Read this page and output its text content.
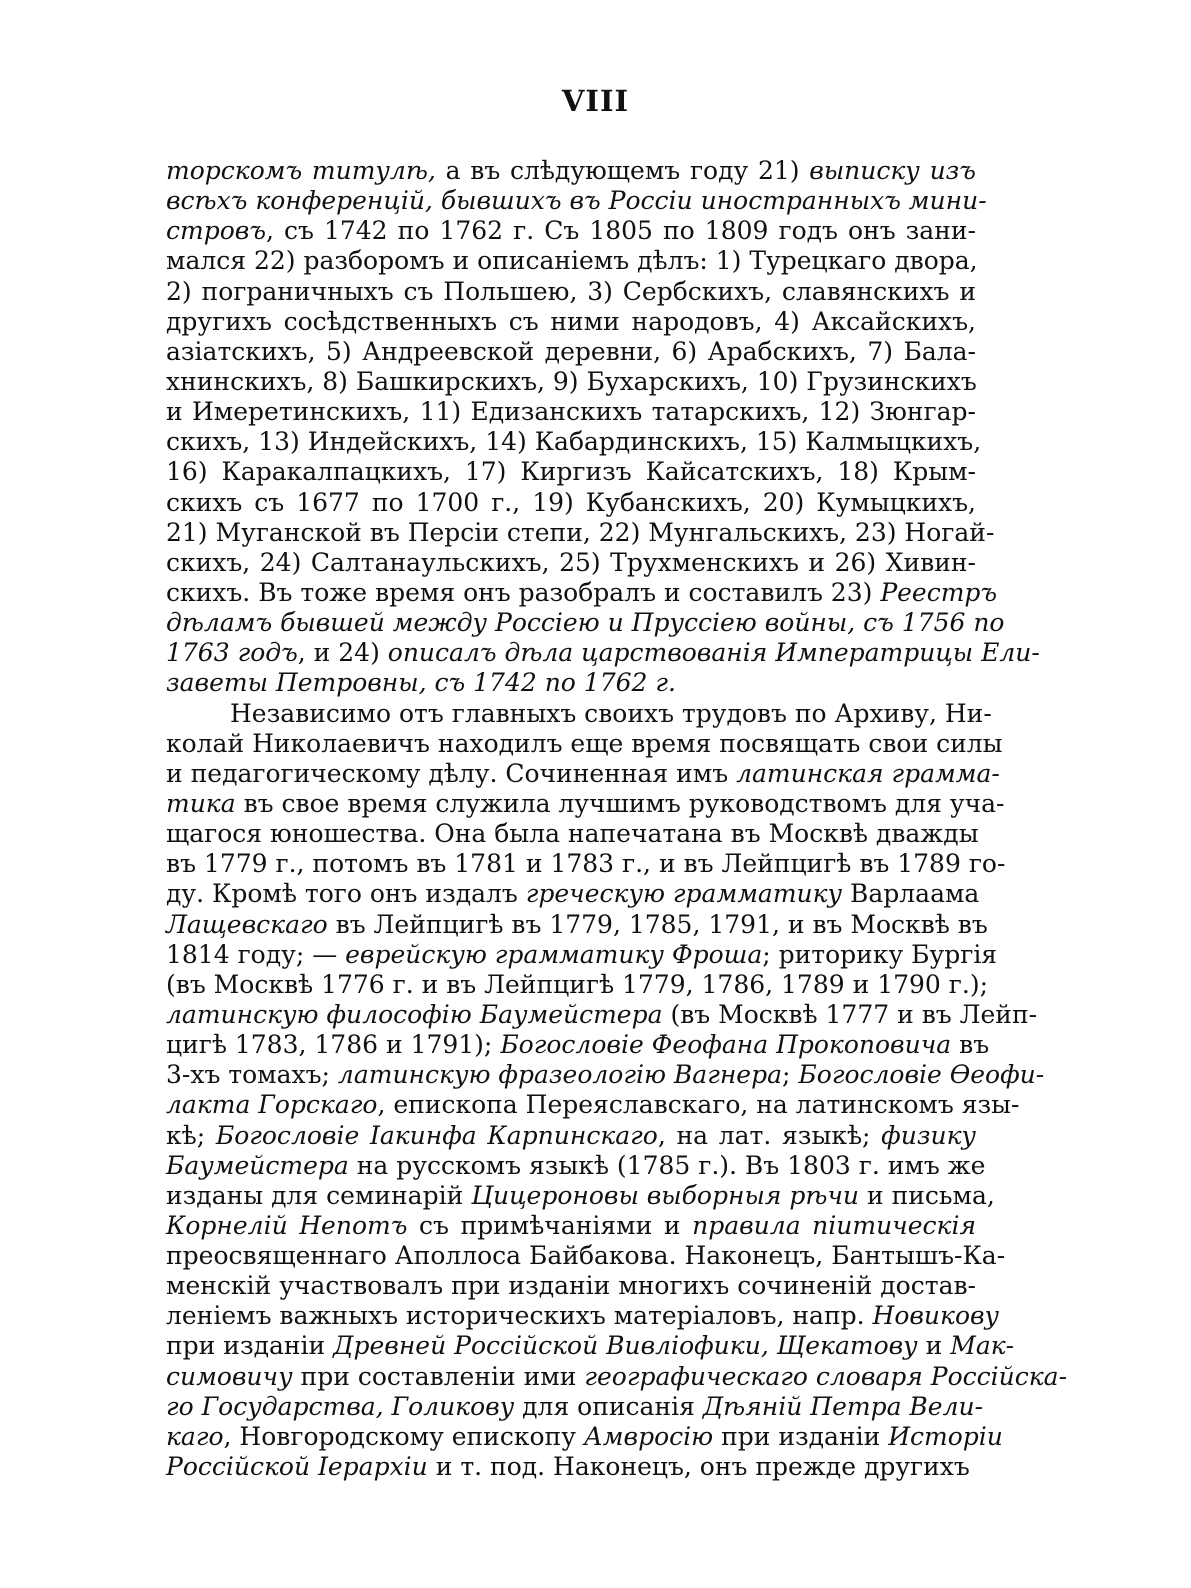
VIII
торскомъ титулѣ, а въ слѣдующемъ году 21) выписку изъ
всѣхъ конференцій, бывшихъ въ Россіи иностранныхъ мини-
стровъ, съ 1742 по 1762 г. Съ 1805 по 1809 годъ онъ зани-
мался 22) разборомъ и описаніемъ дѣлъ: 1) Турецкаго двора,
2) пограничныхъ съ Польшею, 3) Сербскихъ, славянскихъ и
другихъ сосѣдственныхъ съ ними народовъ, 4) Аксайскихъ,
азіатскихъ, 5) Андреевской деревни, 6) Арабскихъ, 7) Бала-
хнинскихъ, 8) Башкирскихъ, 9) Бухарскихъ, 10) Грузинскихъ
и Имеретинскихъ, 11) Едизанскихъ татарскихъ, 12) Зюнгар-
скихъ, 13) Индейскихъ, 14) Кабардинскихъ, 15) Калмыцкихъ,
16) Каракалпацкихъ, 17) Киргизъ Кайсатскихъ, 18) Крым-
скихъ съ 1677 по 1700 г., 19) Кубанскихъ, 20) Кумыцкихъ,
21) Муганской въ Персіи степи, 22) Мунгальскихъ, 23) Ногай-
скихъ, 24) Салтанаульскихъ, 25) Трухменскихъ и 26) Хивин-
скихъ. Въ тоже время онъ разобралъ и составилъ 23) Реестръ
дѣламъ бывшей между Россіею и Пруссіею войны, съ 1756 по
1763 годъ, и 24) описалъ дѣла царствованія Императрицы Ели-
заветы Петровны, съ 1742 по 1762 г.
Независимо отъ главныхъ своихъ трудовъ по Архиву, Ни-
колай Николаевичъ находилъ еще время посвящать свои силы
и педагогическому дѣлу. Сочиненная имъ латинская грамма-
тика въ свое время служила лучшимъ руководствомъ для уча-
щагося юношества. Она была напечатана въ Москвѣ дважды
въ 1779 г., потомъ въ 1781 и 1783 г., и въ Лейпцигѣ въ 1789 го-
ду. Кромѣ того онъ издалъ греческую грамматику Варлаама
Лащевскаго въ Лейпцигѣ въ 1779, 1785, 1791, и въ Москвѣ въ
1814 году; — еврейскую грамматику Фроша; риторику Бургія
(въ Москвѣ 1776 г. и въ Лейпцигѣ 1779, 1786, 1789 и 1790 г.);
латинскую философію Баумейстера (въ Москвѣ 1777 и въ Лейп-
цигѣ 1783, 1786 и 1791); Богословіе Феофана Прокоповича въ
3-хъ томахъ; латинскую фразеологію Вагнера; Богословіе Ѳеофи-
лакта Горскаго, епископа Переяславскаго, на латинскомъ язы-
кѣ; Богословіе Іакинфа Карпинскаго, на лат. языкѣ; физику
Баумейстера на русскомъ языкѣ (1785 г.). Въ 1803 г. имъ же
изданы для семинарій Цицероновы выборныя рѣчи и письма,
Корнелій Непотъ съ примѣчаніями и правила піитическія
преосвященнаго Аполлоса Байбакова. Наконецъ, Бантышъ-Ка-
менскій участвовалъ при изданіи многихъ сочиненій достав-
леніемъ важныхъ историческихъ матеріаловъ, напр. Новикову
при изданіи Древней Россійской Вивліофики, Щекатову и Мак-
симовичу при составленіи ими географическаго словаря Россійска-
го Государства, Голикову для описанія Дѣяній Петра Вели-
каго, Новгородскому епископу Амвросію при изданіи Исторіи
Россійской Іерархіи и т. под. Наконецъ, онъ прежде другихъ
